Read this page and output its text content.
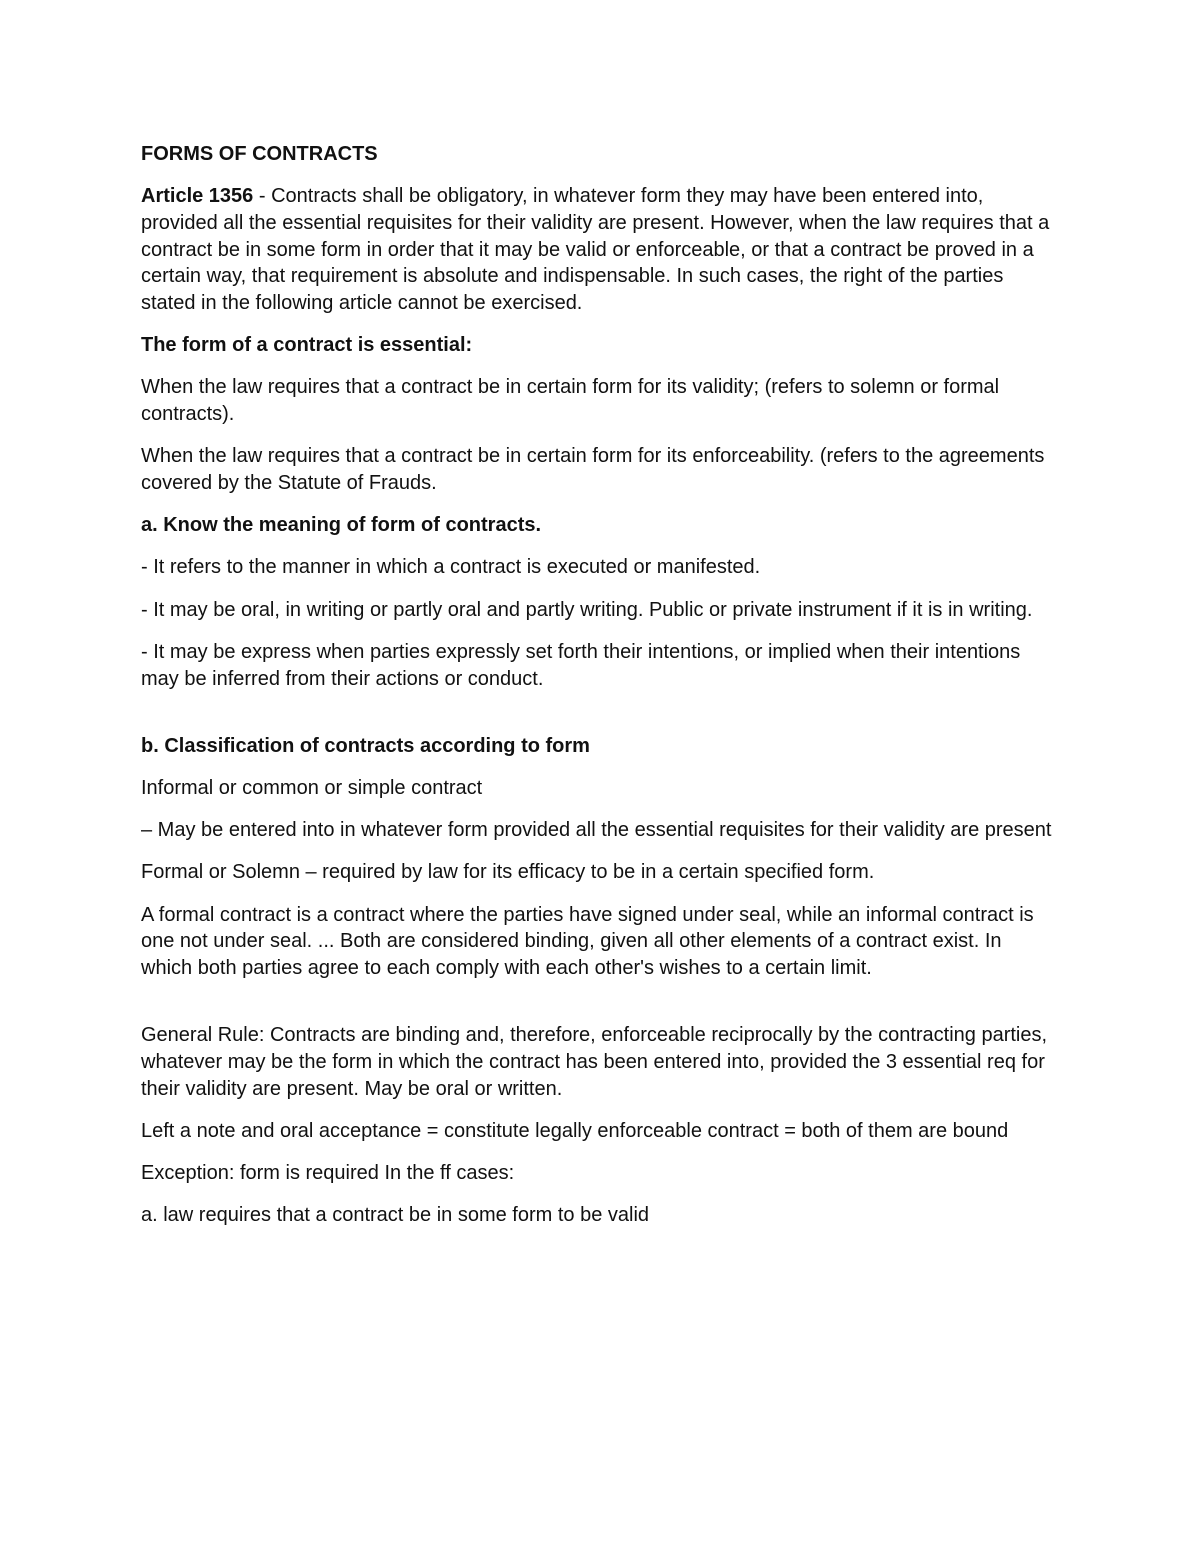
FORMS OF CONTRACTS

Article 1356 - Contracts shall be obligatory, in whatever form they may have been entered into, provided all the essential requisites for their validity are present. However, when the law requires that a contract be in some form in order that it may be valid or enforceable, or that a contract be proved in a certain way, that requirement is absolute and indispensable. In such cases, the right of the parties stated in the following article cannot be exercised.

The form of a contract is essential:

When the law requires that a contract be in certain form for its validity; (refers to solemn or formal contracts).

When the law requires that a contract be in certain form for its enforceability. (refers to the agreements covered by the Statute of Frauds.

a. Know the meaning of form of contracts.

- It refers to the manner in which a contract is executed or manifested.

- It may be oral, in writing or partly oral and partly writing. Public or private instrument if it is in writing.

- It may be express when parties expressly set forth their intentions, or implied when their intentions may be inferred from their actions or conduct.

b. Classification of contracts according to form

Informal or common or simple contract

– May be entered into in whatever form provided all the essential requisites for their validity are present

Formal or Solemn – required by law for its efficacy to be in a certain specified form.

A formal contract is a contract where the parties have signed under seal, while an informal contract is one not under seal. ... Both are considered binding, given all other elements of a contract exist. In which both parties agree to each comply with each other's wishes to a certain limit.

General Rule: Contracts are binding and, therefore, enforceable reciprocally by the contracting parties, whatever may be the form in which the contract has been entered into, provided the 3 essential req for their validity are present. May be oral or written.

Left a note and oral acceptance = constitute legally enforceable contract = both of them are bound

Exception: form is required In the ff cases:

a. law requires that a contract be in some form to be valid
